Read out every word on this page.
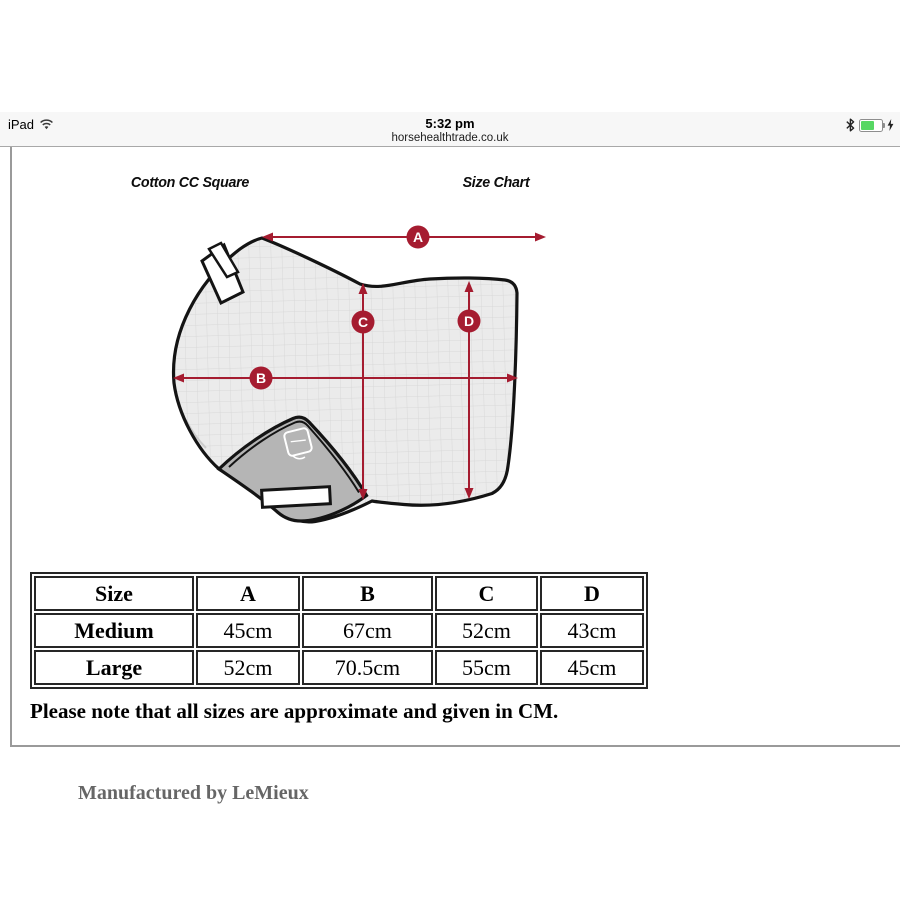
iPad	5:32 pm
horsehealthtrade.co.uk
Cotton CC Square	Size Chart
A
B
C	D
Size	A	B	C	D
Medium	45cm	67cm	52cm	43cm
Large	52cm	70.5cm	55cm	45cm
Please note that all sizes are approximate and given in CM.
Manufactured by LeMieux
